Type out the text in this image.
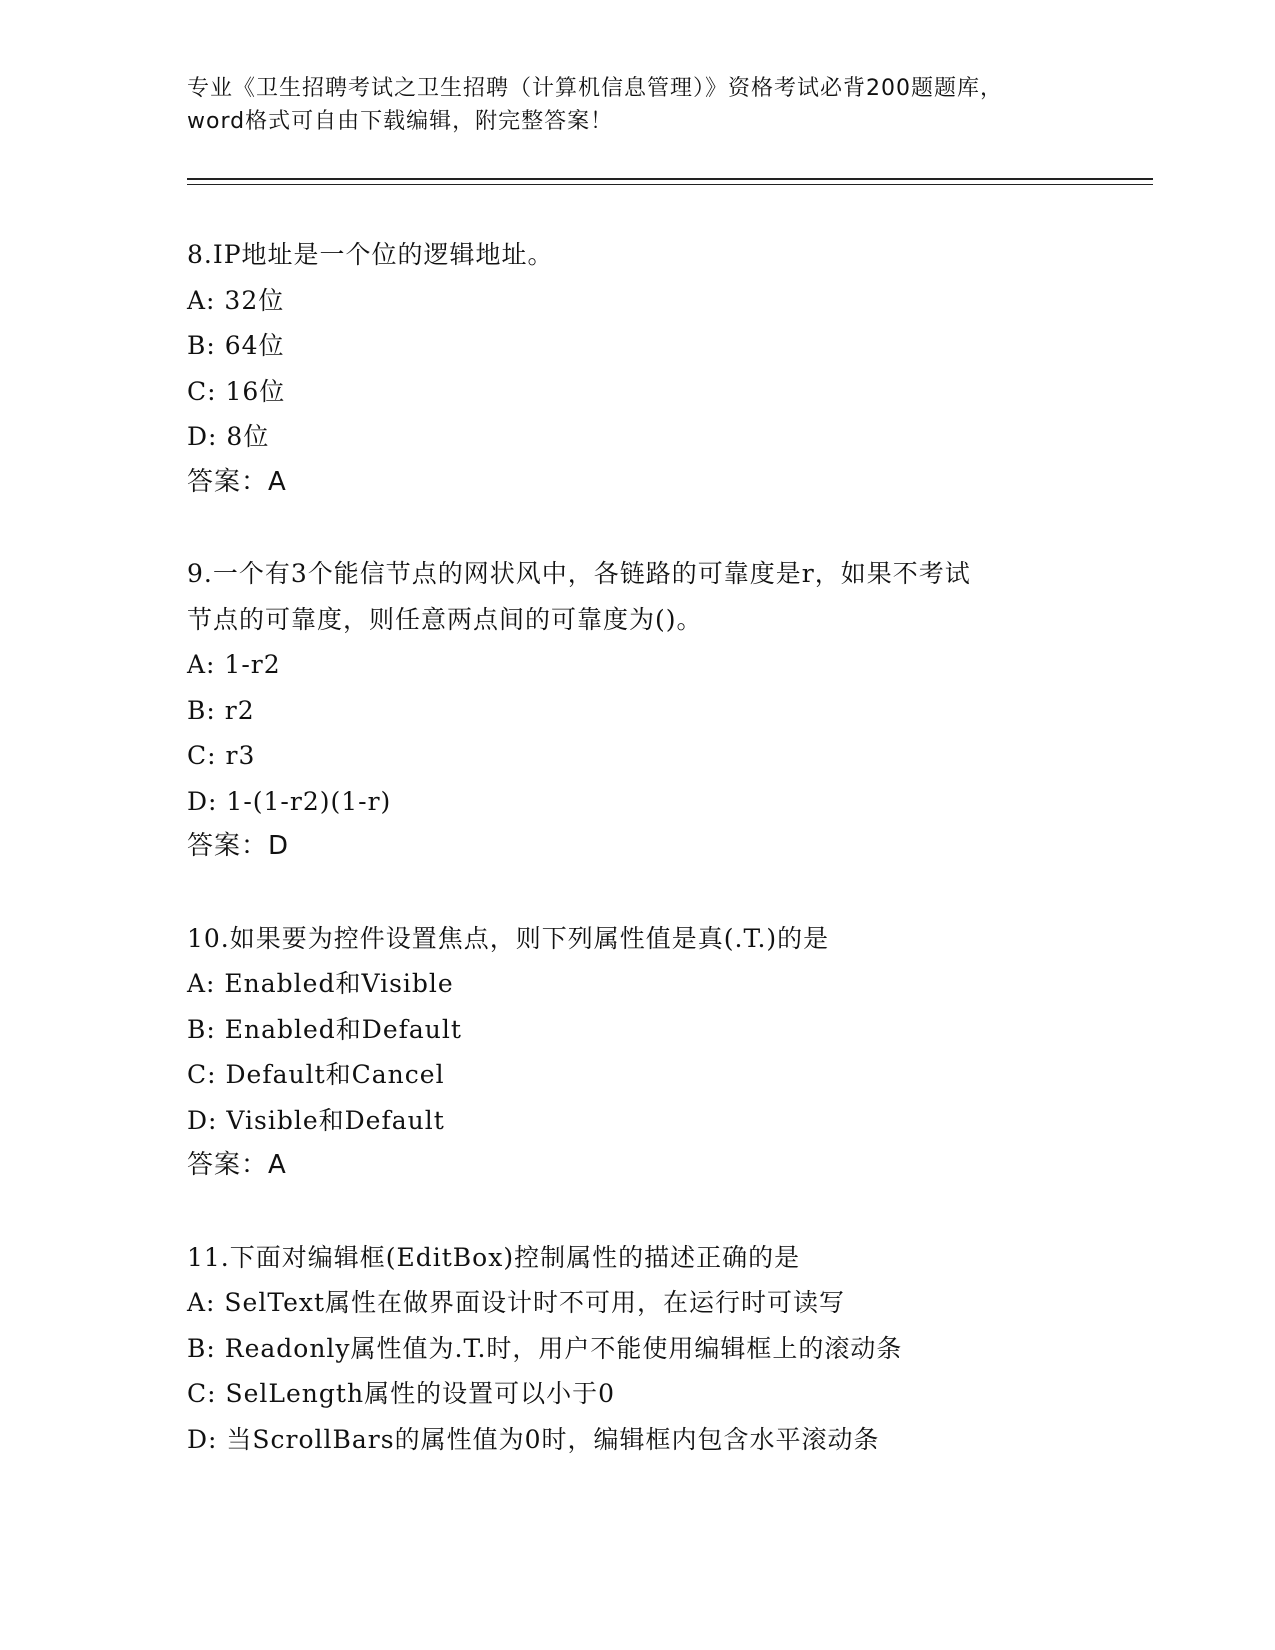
专业《卫生招聘考试之卫生招聘（计算机信息管理）》资格考试必背200题题库，
word格式可自由下载编辑，附完整答案！
8.IP地址是一个位的逻辑地址。
A: 32位
B: 64位
C: 16位
D: 8位
答案：A
9.一个有3个能信节点的网状风中，各链路的可靠度是r，如果不考试
节点的可靠度，则任意两点间的可靠度为()。
A: 1-r2
B: r2
C: r3
D: 1-(1-r2)(1-r)
答案：D
10.如果要为控件设置焦点，则下列属性值是真(.T.)的是
A: Enabled和Visible
B: Enabled和Default
C: Default和Cancel
D: Visible和Default
答案：A
11.下面对编辑框(EditBox)控制属性的描述正确的是
A: SelText属性在做界面设计时不可用，在运行时可读写
B: Readonly属性值为.T.时，用户不能使用编辑框上的滚动条
C: SelLength属性的设置可以小于0
D: 当ScrollBars的属性值为0时，编辑框内包含水平滚动条
